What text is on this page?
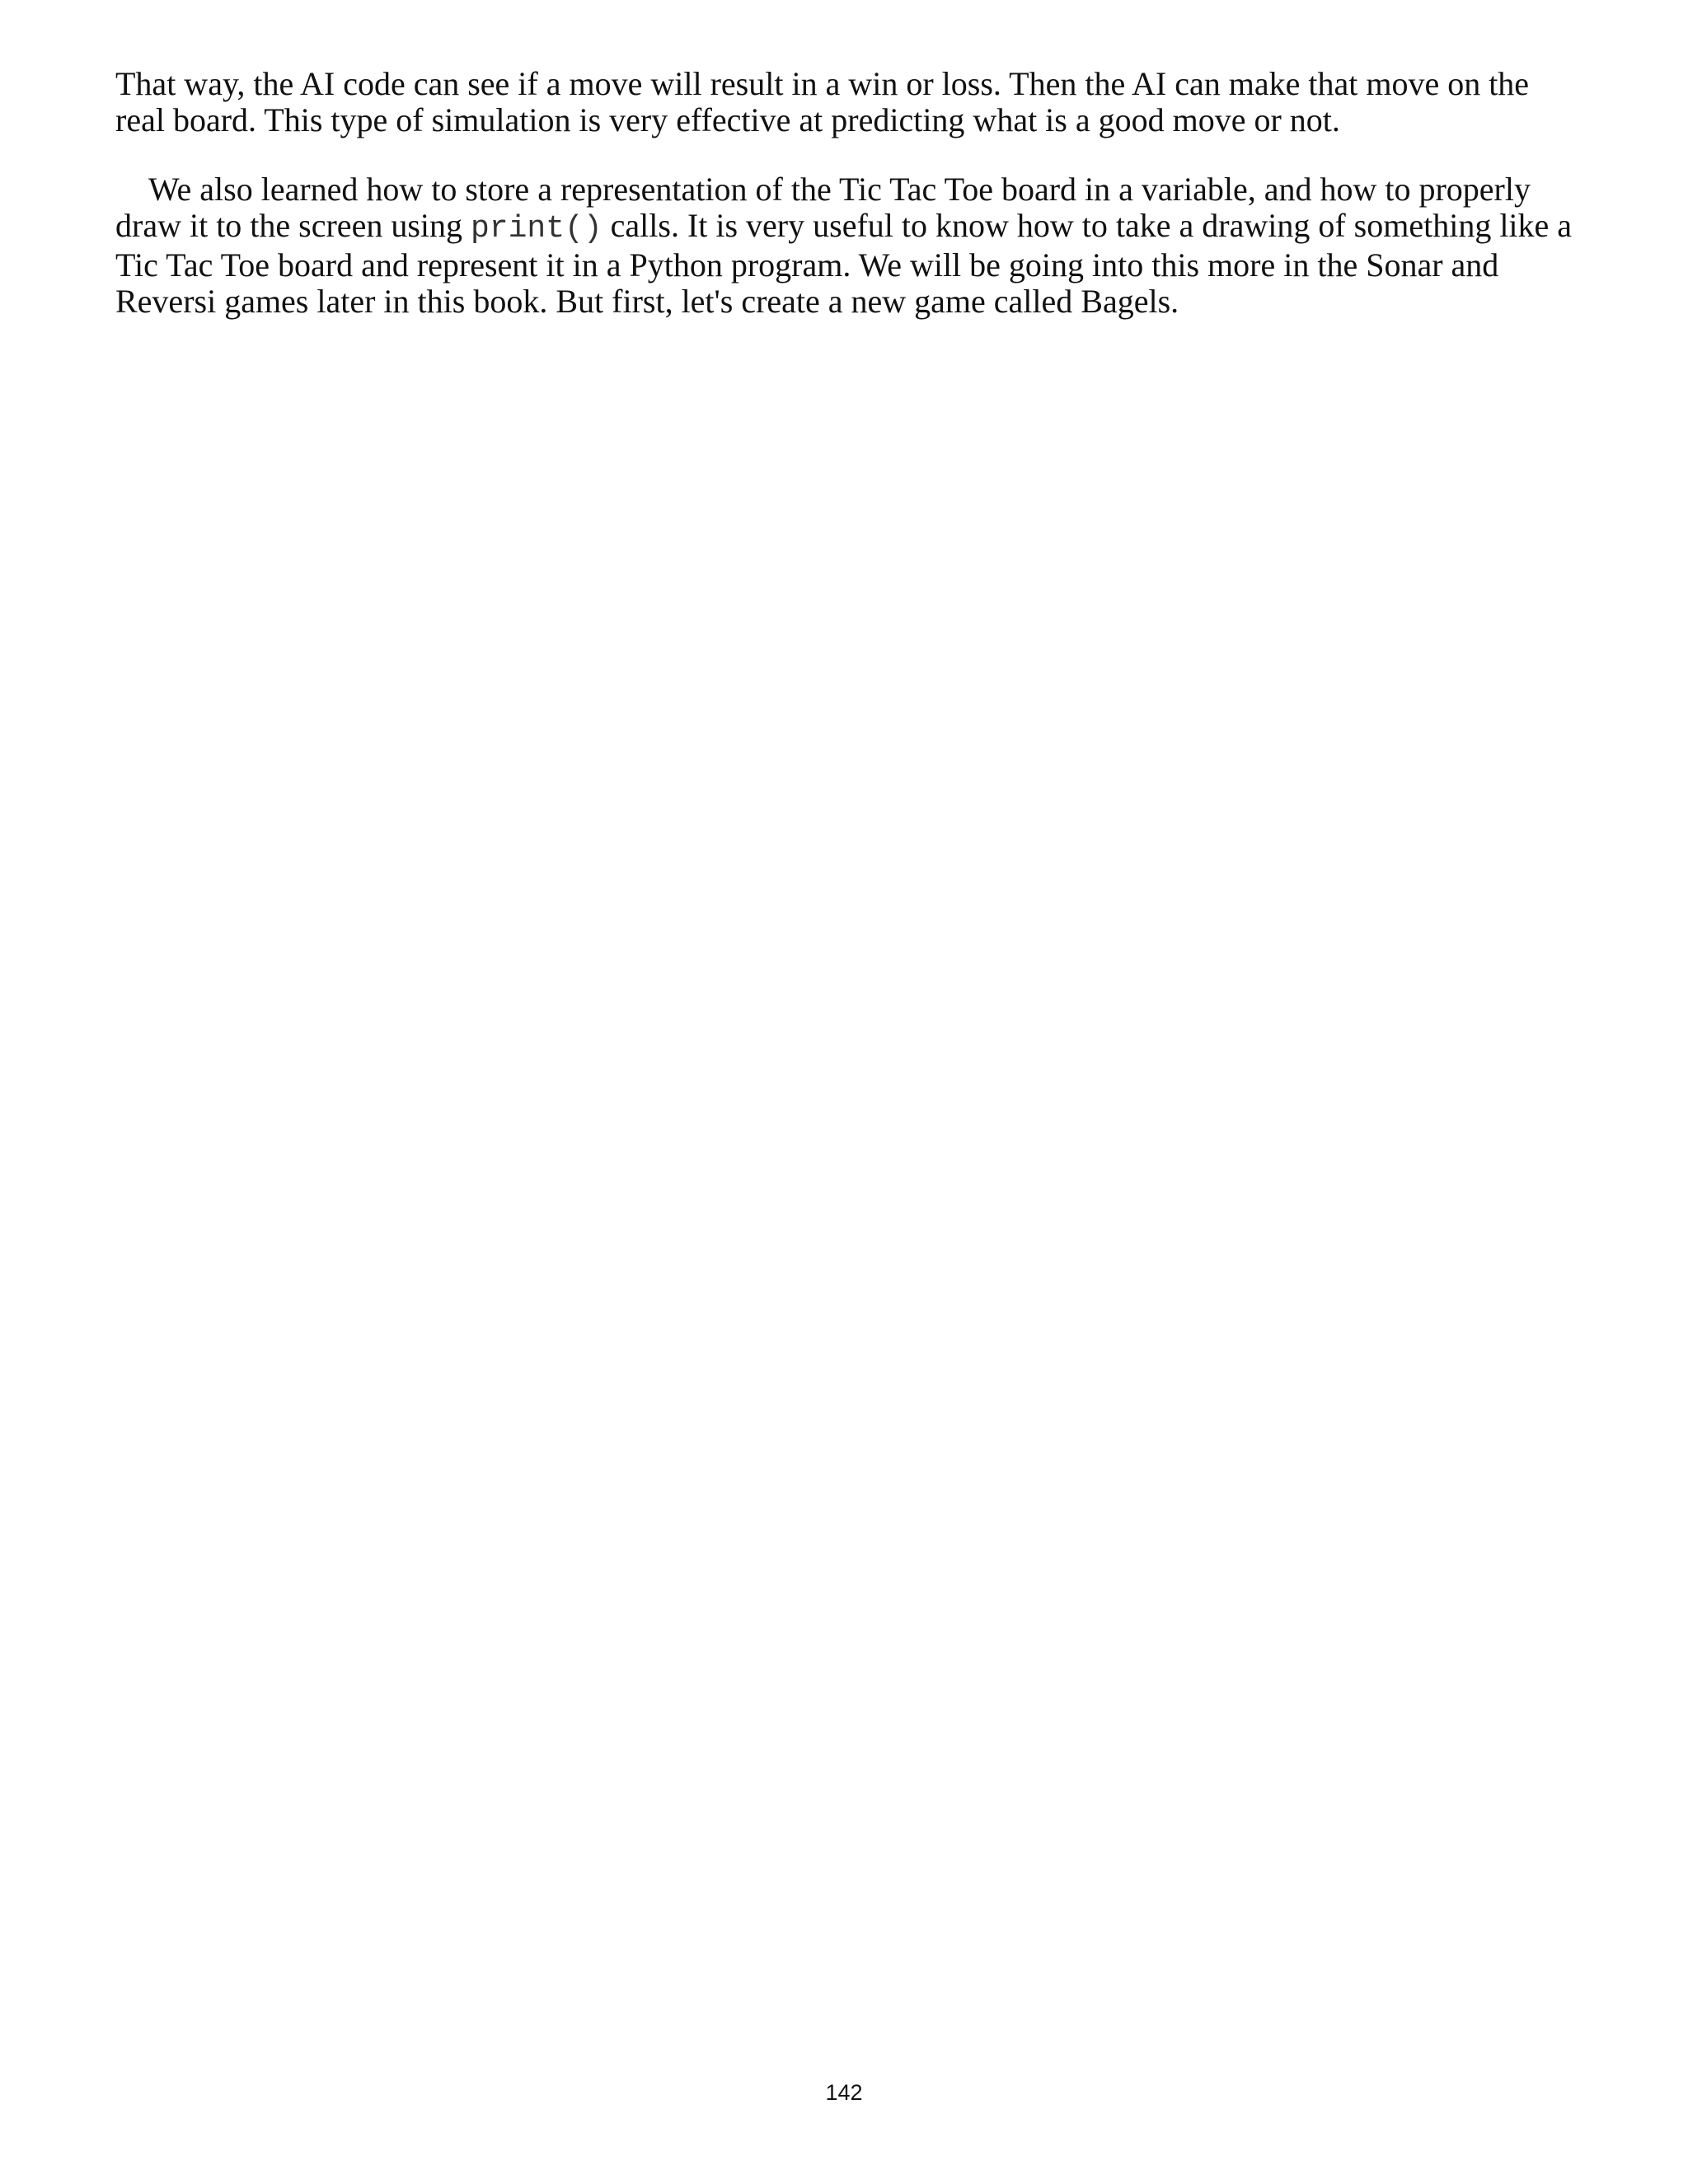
That way, the AI code can see if a move will result in a win or loss. Then the AI can make that move on the real board. This type of simulation is very effective at predicting what is a good move or not.

We also learned how to store a representation of the Tic Tac Toe board in a variable, and how to properly draw it to the screen using print() calls. It is very useful to know how to take a drawing of something like a Tic Tac Toe board and represent it in a Python program. We will be going into this more in the Sonar and Reversi games later in this book. But first, let's create a new game called Bagels.

142
